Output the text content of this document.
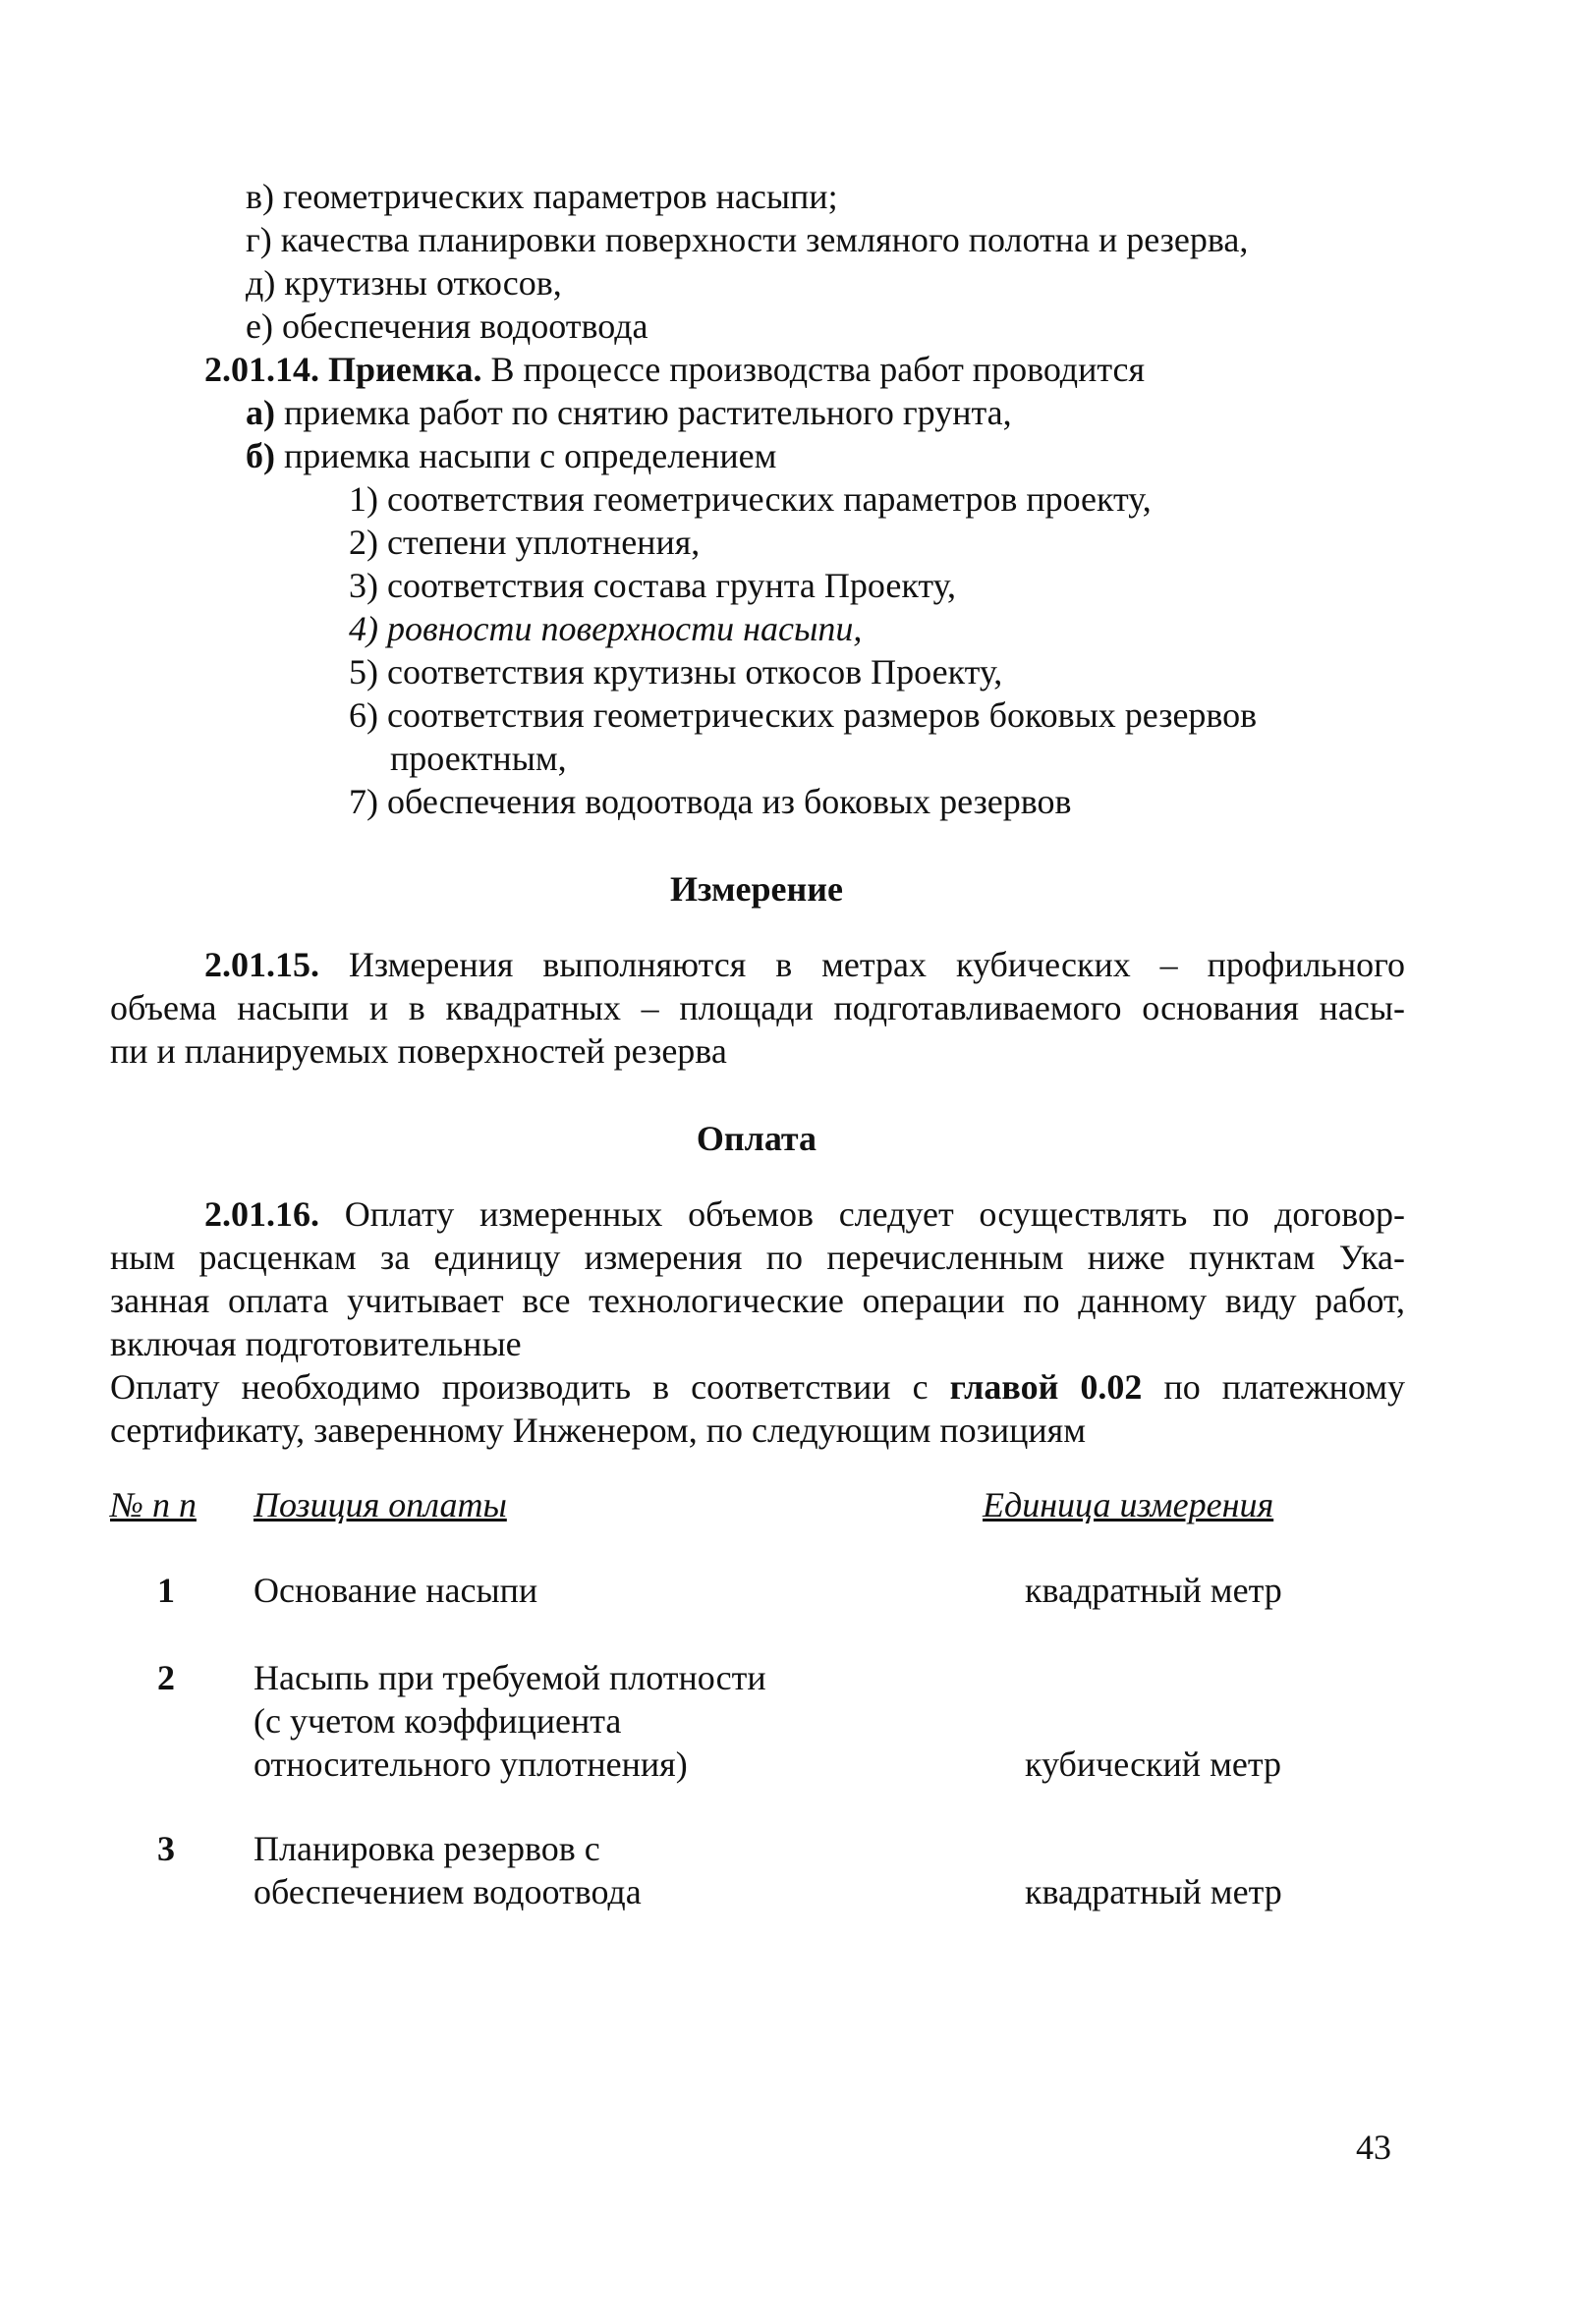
в) геометрических параметров насыпи;
г) качества планировки поверхности земляного полотна и резерва,
д) крутизны откосов,
е) обеспечения водоотвода
2.01.14. Приемка. В процессе производства работ проводится
а) приемка работ по снятию растительного грунта,
б) приемка насыпи с определением
1) соответствия геометрических параметров проекту,
2) степени уплотнения,
3) соответствия состава грунта Проекту,
4) ровности поверхности насыпи,
5) соответствия крутизны откосов Проекту,
6) соответствия геометрических размеров боковых резервов
проектным,
7) обеспечения водоотвода из боковых резервов
Измерение
2.01.15. Измерения выполняются в метрах кубических – профильного
объема насыпи и в квадратных – площади подготавливаемого основания насы-
пи и планируемых поверхностей резерва
Оплата
2.01.16. Оплату измеренных объемов следует осуществлять по договор-
ным расценкам за единицу измерения по перечисленным ниже пунктам Ука-
занная оплата учитывает все технологические операции по данному виду работ,
включая подготовительные
Оплату необходимо производить в соответствии с главой 0.02 по платежному
сертификату, заверенному Инженером, по следующим позициям
№ п п Позиция оплаты	Единица измерения
1 Основание насыпи	квадратный метр
2 Насыпь при требуемой плотности
(с учетом коэффициента
относительного уплотнения)	кубический метр
3 Планировка резервов с
обеспечением водоотвода	квадратный метр
43
